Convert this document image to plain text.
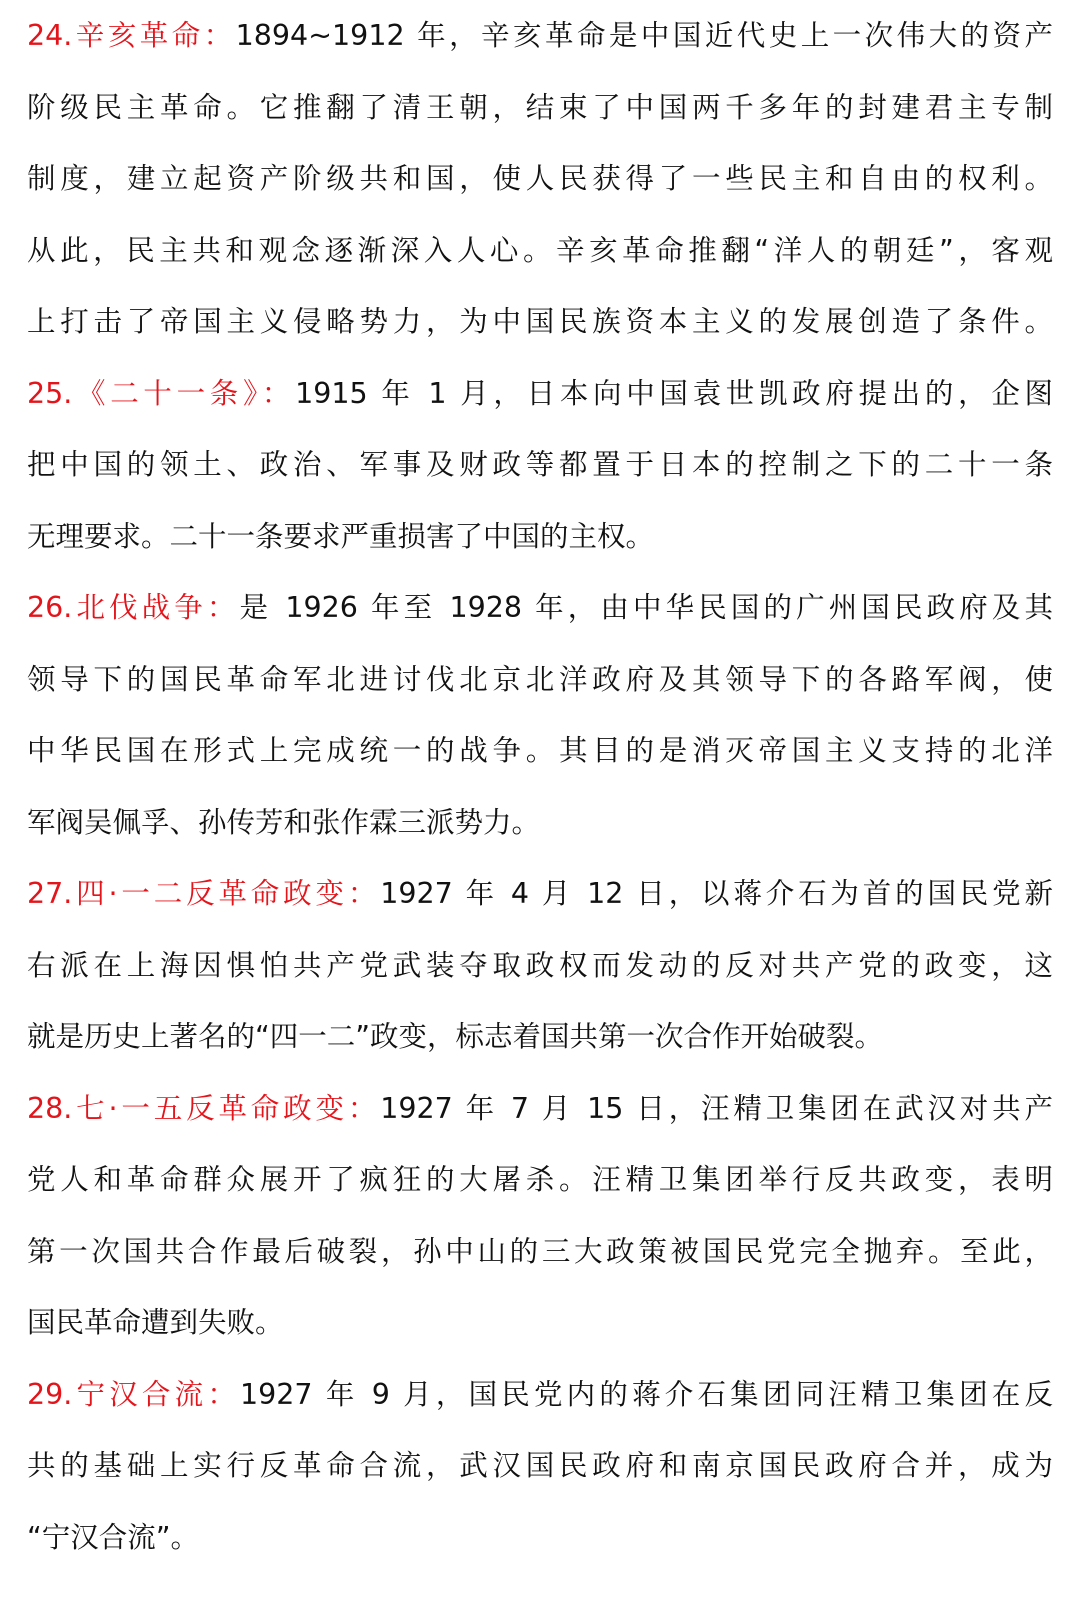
24.辛亥革命：1894~1912 年，辛亥革命是中国近代史上一次伟大的资产
阶级民主革命。它推翻了清王朝，结束了中国两千多年的封建君主专制
制度，建立起资产阶级共和国，使人民获得了一些民主和自由的权利。
从此，民主共和观念逐渐深入人心。辛亥革命推翻“洋人的朝廷”，客观
上打击了帝国主义侵略势力，为中国民族资本主义的发展创造了条件。
25.《二十一条》：1915 年 1 月，日本向中国袁世凯政府提出的，企图
把中国的领土、政治、军事及财政等都置于日本的控制之下的二十一条
无理要求。二十一条要求严重损害了中国的主权。
26.北伐战争：是 1926 年至 1928 年，由中华民国的广州国民政府及其
领导下的国民革命军北进讨伐北京北洋政府及其领导下的各路军阀，使
中华民国在形式上完成统一的战争。其目的是消灭帝国主义支持的北洋
军阀吴佩孚、孙传芳和张作霖三派势力。
27.四·一二反革命政变：1927 年 4 月 12 日，以蒋介石为首的国民党新
右派在上海因惧怕共产党武装夺取政权而发动的反对共产党的政变，这
就是历史上著名的“四一二”政变，标志着国共第一次合作开始破裂。
28.七·一五反革命政变：1927 年 7 月 15 日，汪精卫集团在武汉对共产
党人和革命群众展开了疯狂的大屠杀。汪精卫集团举行反共政变，表明
第一次国共合作最后破裂，孙中山的三大政策被国民党完全抛弃。至此，
国民革命遭到失败。
29.宁汉合流：1927 年 9 月，国民党内的蒋介石集团同汪精卫集团在反
共的基础上实行反革命合流，武汉国民政府和南京国民政府合并，成为
“宁汉合流”。
